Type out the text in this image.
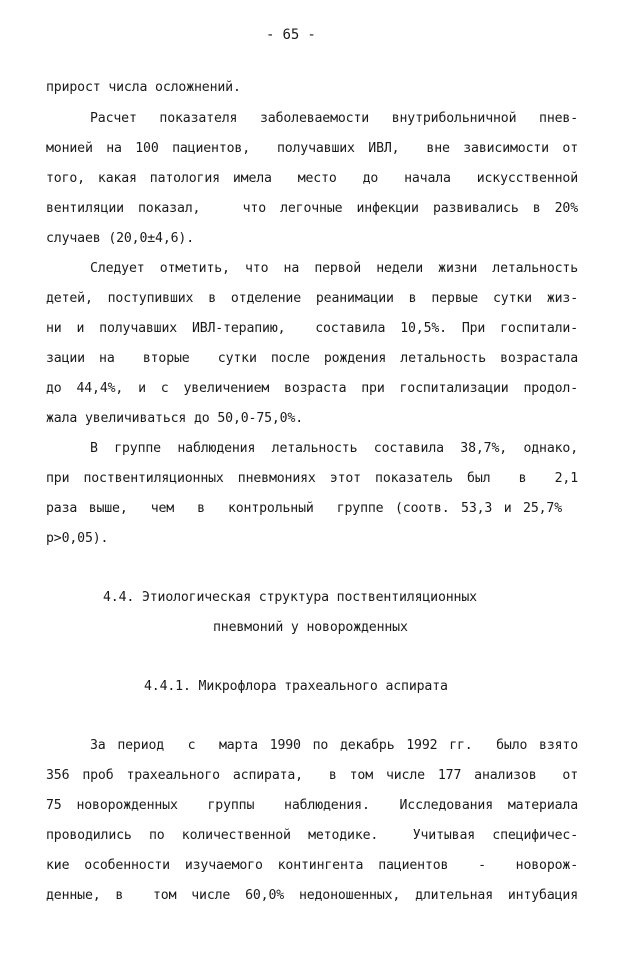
- 65 -
прирост числа осложнений.
Расчет показателя заболеваемости внутрибольничной пнев-
монией на 100 пациентов,  получавших ИВЛ,  вне зависимости от
того, какая патология имела  место  до  начала  искусственной
вентиляции показал,   что легочные инфекции развивались в 20%
случаев (20,0±4,6).
Следует отметить, что на первой недели жизни летальность
детей, поступивших в отделение реанимации в первые сутки жиз-
ни и получавших ИВЛ-терапию,  составила 10,5%. При госпитали-
зации на  вторые  сутки после рождения летальность возрастала
до 44,4%, и с увеличением возраста при госпитализации продол-
жала увеличиваться до 50,0-75,0%.
В группе наблюдения летальность составила 38,7%, однако,
при поствентиляционных пневмониях этот показатель был  в  2,1
раза выше,  чем  в  контрольный  группе (соотв. 53,3 и 25,7%
p>0,05).
4.4. Этиологическая структура поствентиляционных
пневмоний у новорожденных
4.4.1. Микрофлора трахеального аспирата
За период  с  марта 1990 по декабрь 1992 гг.  было взято
356 проб трахеального аспирата,  в том числе 177 анализов  от
75 новорожденных  группы  наблюдения.  Исследования материала
проводились по количественной методике.  Учитывая специфичес-
кие особенности изучаемого контингента пациентов  -  новорож-
денные, в  том числе 60,0% недоношенных, длительная интубация
